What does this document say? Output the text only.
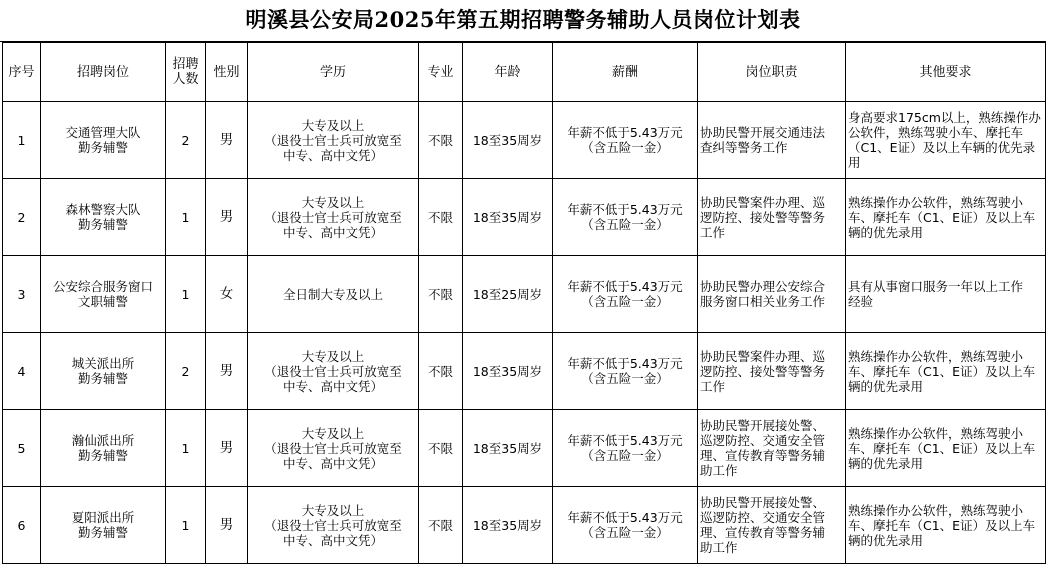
明溪县公安局2025年第五期招聘警务辅助人员岗位计划表
序号	招聘岗位	招聘
人数	性别	学历	专业	年龄	薪酬	岗位职责	其他要求
1	交通管理大队
勤务辅警	2	男	大专及以上
（退役士官士兵可放宽至
中专、高中文凭）	不限	18至35周岁	年薪不低于5.43万元
（含五险一金）	协助民警开展交通违法
查纠等警务工作	身高要求175cm以上，熟练操作办
公软件，熟练驾驶小车、摩托车
（C1、E证）及以上车辆的优先录
用

2	森林警察大队
勤务辅警	1	男	大专及以上
（退役士官士兵可放宽至
中专、高中文凭）	不限	18至35周岁	年薪不低于5.43万元
（含五险一金）	协助民警案件办理、巡
逻防控、接处警等警务
工作	熟练操作办公软件，熟练驾驶小
车、摩托车（C1、E证）及以上车
辆的优先录用

3	公安综合服务窗口
文职辅警	1	女	全日制大专及以上	不限	18至25周岁	年薪不低于5.43万元
（含五险一金）	协助民警办理公安综合
服务窗口相关业务工作	具有从事窗口服务一年以上工作
经验

4	城关派出所
勤务辅警	2	男	大专及以上
（退役士官士兵可放宽至
中专、高中文凭）	不限	18至35周岁	年薪不低于5.43万元
（含五险一金）	协助民警案件办理、巡
逻防控、接处警等警务
工作	熟练操作办公软件，熟练驾驶小
车、摩托车（C1、E证）及以上车
辆的优先录用

5	瀚仙派出所
勤务辅警	1	男	大专及以上
（退役士官士兵可放宽至
中专、高中文凭）	不限	18至35周岁	年薪不低于5.43万元
（含五险一金）	协助民警开展接处警、
巡逻防控、交通安全管
理、宣传教育等警务辅
助工作	熟练操作办公软件，熟练驾驶小
车、摩托车（C1、E证）及以上车
辆的优先录用

6	夏阳派出所
勤务辅警	1	男	大专及以上
（退役士官士兵可放宽至
中专、高中文凭）	不限	18至35周岁	年薪不低于5.43万元
（含五险一金）	协助民警开展接处警、
巡逻防控、交通安全管
理、宣传教育等警务辅
助工作	熟练操作办公软件，熟练驾驶小
车、摩托车（C1、E证）及以上车
辆的优先录用
